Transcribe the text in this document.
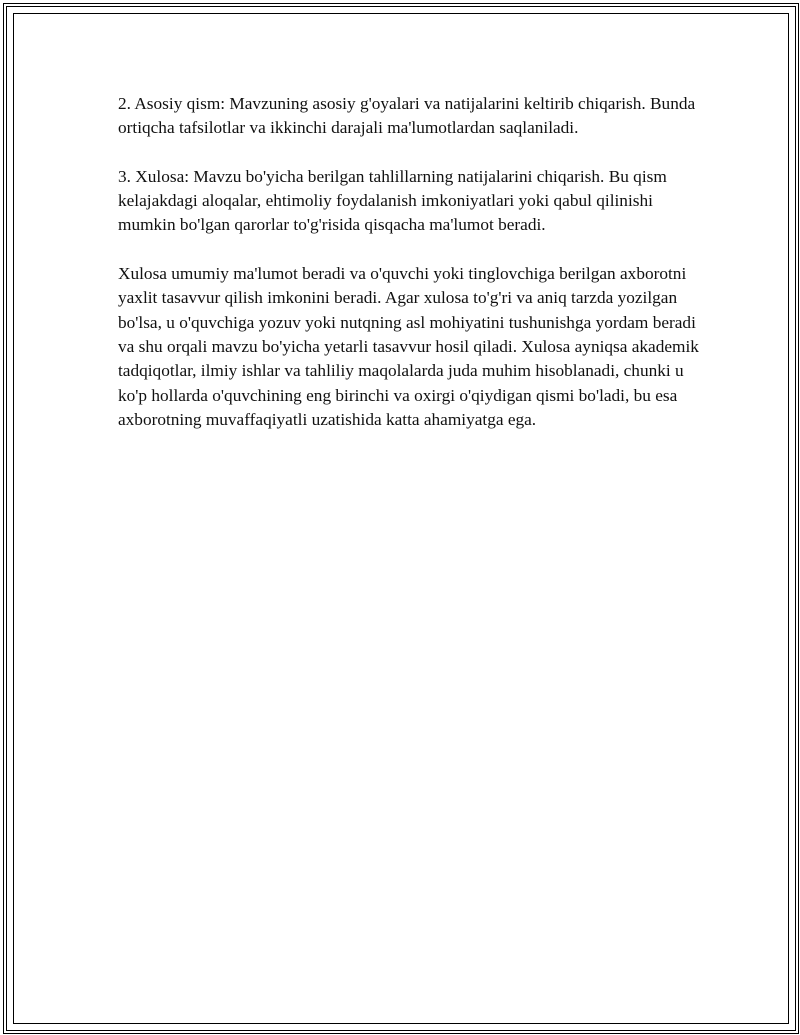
2. Asosiy qism: Mavzuning asosiy g'oyalari va natijalarini keltirib chiqarish. Bunda ortiqcha tafsilotlar va ikkinchi darajali ma'lumotlardan saqlaniladi.

3. Xulosa: Mavzu bo'yicha berilgan tahlillarning natijalarini chiqarish. Bu qism kelajakdagi aloqalar, ehtimoliy foydalanish imkoniyatlari yoki qabul qilinishi mumkin bo'lgan qarorlar to'g'risida qisqacha ma'lumot beradi.

Xulosa umumiy ma'lumot beradi va o'quvchi yoki tinglovchiga berilgan axborotni yaxlit tasavvur qilish imkonini beradi. Agar xulosa to'g'ri va aniq tarzda yozilgan bo'lsa, u o'quvchiga yozuv yoki nutqning asl mohiyatini tushunishga yordam beradi va shu orqali mavzu bo'yicha yetarli tasavvur hosil qiladi. Xulosa ayniqsa akademik tadqiqotlar, ilmiy ishlar va tahliliy maqolalarda juda muhim hisoblanadi, chunki u ko'p hollarda o'quvchining eng birinchi va oxirgi o'qiydigan qismi bo'ladi, bu esa axborotning muvaffaqiyatli uzatishida katta ahamiyatga ega.
